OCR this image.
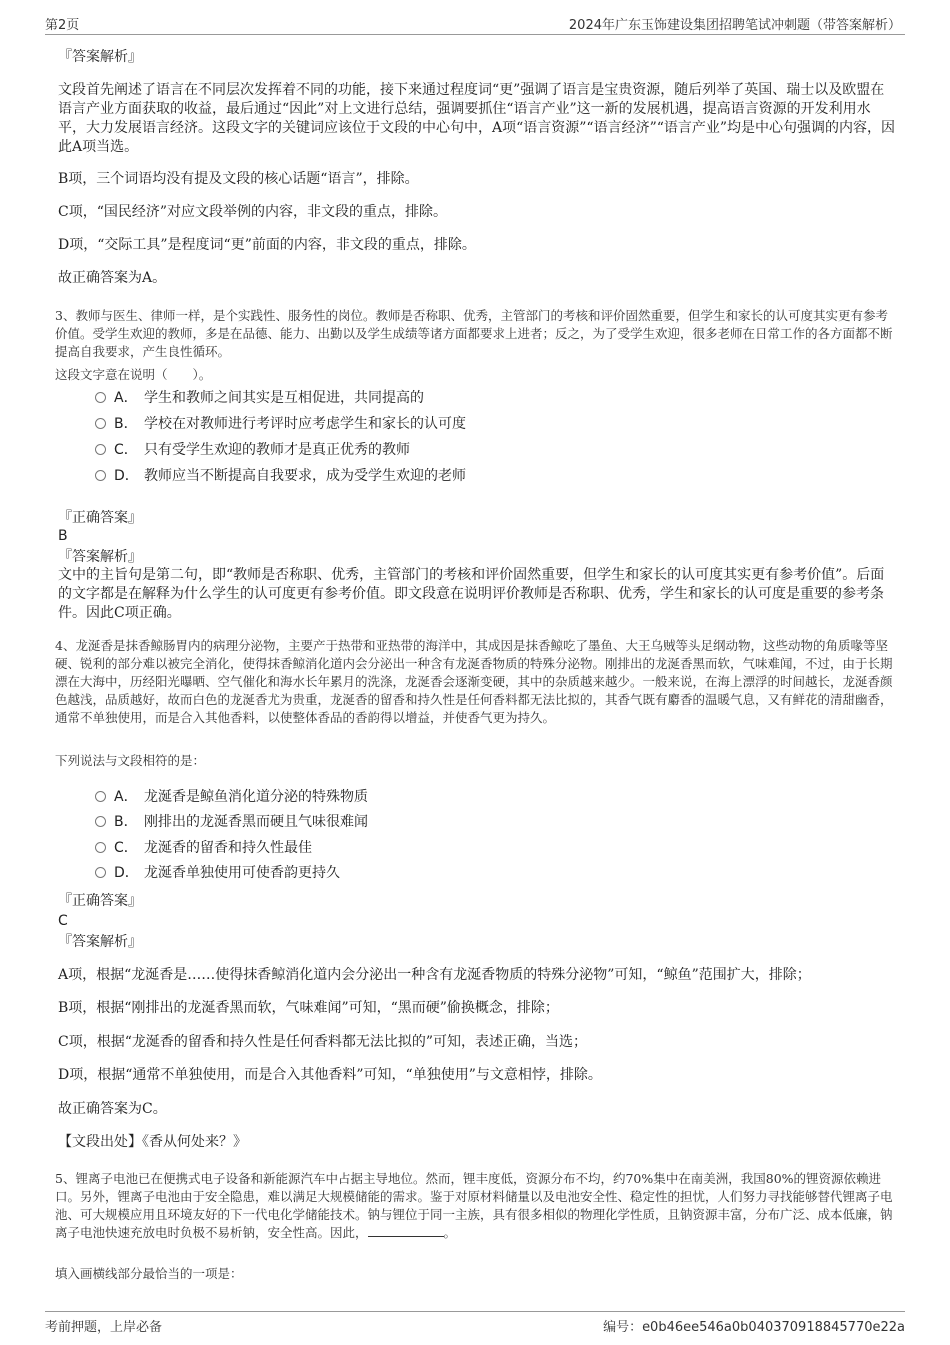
第2页	2024年广东玉饰建设集团招聘笔试冲刺题（带答案解析）
『答案解析』
文段首先阐述了语言在不同层次发挥着不同的功能，接下来通过程度词“更”强调了语言是宝贵资源，随后列举了英国、瑞士以及欧盟在语言产业方面获取的收益，最后通过“因此”对上文进行总结，强调要抓住“语言产业”这一新的发展机遇，提高语言资源的开发利用水平，大力发展语言经济。这段文字的关键词应该位于文段的中心句中，A项“语言资源”“语言经济”“语言产业”均是中心句强调的内容，因此A项当选。
B项，三个词语均没有提及文段的核心话题“语言”，排除。
C项，“国民经济”对应文段举例的内容，非文段的重点，排除。
D项，“交际工具”是程度词“更”前面的内容，非文段的重点，排除。
故正确答案为A。
3、教师与医生、律师一样，是个实践性、服务性的岗位。教师是否称职、优秀，主管部门的考核和评价固然重要，但学生和家长的认可度其实更有参考价值。受学生欢迎的教师，多是在品德、能力、出勤以及学生成绩等诸方面都要求上进者；反之，为了受学生欢迎，很多老师在日常工作的各方面都不断提高自我要求，产生良性循环。
这段文字意在说明（　　）。
A． 学生和教师之间其实是互相促进，共同提高的
B． 学校在对教师进行考评时应考虑学生和家长的认可度
C． 只有受学生欢迎的教师才是真正优秀的教师
D． 教师应当不断提高自我要求，成为受学生欢迎的老师
『正确答案』
B
『答案解析』
文中的主旨句是第二句，即“教师是否称职、优秀，主管部门的考核和评价固然重要，但学生和家长的认可度其实更有参考价值”。后面的文字都是在解释为什么学生的认可度更有参考价值。即文段意在说明评价教师是否称职、优秀，学生和家长的认可度是重要的参考条件。因此C项正确。
4、龙涎香是抹香鲸肠胃内的病理分泌物，主要产于热带和亚热带的海洋中，其成因是抹香鲸吃了墨鱼、大王乌贼等头足纲动物，这些动物的角质喙等坚硬、锐利的部分难以被完全消化，使得抹香鲸消化道内会分泌出一种含有龙涎香物质的特殊分泌物。刚排出的龙涎香黑而软，气味难闻，不过，由于长期漂在大海中，历经阳光曝晒、空气催化和海水长年累月的洗涤，龙涎香会逐渐变硬，其中的杂质越来越少。一般来说，在海上漂浮的时间越长，龙涎香颜色越浅，品质越好，故而白色的龙涎香尤为贵重，龙涎香的留香和持久性是任何香料都无法比拟的，其香气既有麝香的温暖气息，又有鲜花的清甜幽香，通常不单独使用，而是合入其他香料，以使整体香品的香韵得以增益，并使香气更为持久。
下列说法与文段相符的是：
A． 龙涎香是鲸鱼消化道分泌的特殊物质
B． 刚排出的龙涎香黑而硬且气味很难闻
C． 龙涎香的留香和持久性最佳
D． 龙涎香单独使用可使香韵更持久
『正确答案』
C
『答案解析』
A项，根据“龙涎香是……使得抹香鲸消化道内会分泌出一种含有龙涎香物质的特殊分泌物”可知，“鲸鱼”范围扩大，排除；
B项，根据“刚排出的龙涎香黑而软，气味难闻”可知，“黑而硬”偷换概念，排除；
C项，根据“龙涎香的留香和持久性是任何香料都无法比拟的”可知，表述正确，当选；
D项，根据“通常不单独使用，而是合入其他香料”可知，“单独使用”与文意相悖，排除。
故正确答案为C。
【文段出处】《香从何处来？》
5、锂离子电池已在便携式电子设备和新能源汽车中占据主导地位。然而，锂丰度低，资源分布不均，约70%集中在南美洲，我国80%的锂资源依赖进口。另外，锂离子电池由于安全隐患，难以满足大规模储能的需求。鉴于对原材料储量以及电池安全性、稳定性的担忧，人们努力寻找能够替代锂离子电池、可大规模应用且环境友好的下一代电化学储能技术。钠与锂位于同一主族，具有很多相似的物理化学性质，且钠资源丰富，分布广泛、成本低廉，钠离子电池快速充放电时负极不易析钠，安全性高。因此，	。
填入画横线部分最恰当的一项是：
考前押题，上岸必备	编号：e0b46ee546a0b040370918845770e22a
